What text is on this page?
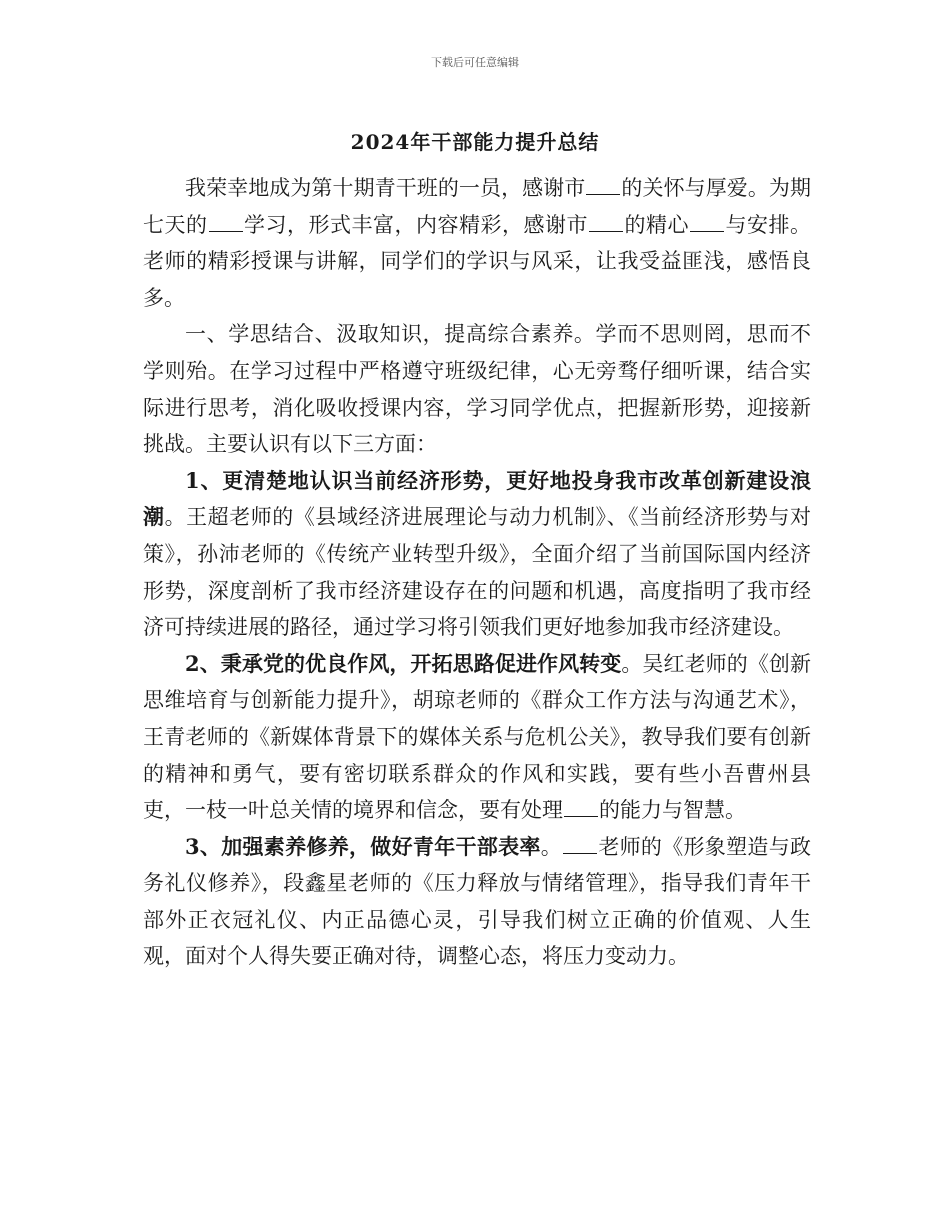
下载后可任意编辑
2024年干部能力提升总结

我荣幸地成为第十期青干班的一员，感谢市 的关怀与厚爱。为期七天的 学习，形式丰富，内容精彩，感谢市 的精心 与安排。老师的精彩授课与讲解，同学们的学识与风采，让我受益匪浅，感悟良多。

一、学思结合、汲取知识，提高综合素养。学而不思则罔，思而不学则殆。在学习过程中严格遵守班级纪律，心无旁骛仔细听课，结合实际进行思考，消化吸收授课内容，学习同学优点，把握新形势，迎接新挑战。主要认识有以下三方面：

1、更清楚地认识当前经济形势，更好地投身我市改革创新建设浪潮。王超老师的《县域经济进展理论与动力机制》、《当前经济形势与对策》，孙沛老师的《传统产业转型升级》，全面介绍了当前国际国内经济形势，深度剖析了我市经济建设存在的问题和机遇，高度指明了我市经济可持续进展的路径，通过学习将引领我们更好地参加我市经济建设。

2、秉承党的优良作风，开拓思路促进作风转变。吴红老师的《创新思维培育与创新能力提升》，胡琼老师的《群众工作方法与沟通艺术》，王青老师的《新媒体背景下的媒体关系与危机公关》，教导我们要有创新的精神和勇气，要有密切联系群众的作风和实践，要有些小吾曹州县吏，一枝一叶总关情的境界和信念，要有处理 的能力与智慧。

3、加强素养修养，做好青年干部表率。 老师的《形象塑造与政务礼仪修养》，段鑫星老师的《压力释放与情绪管理》，指导我们青年干部外正衣冠礼仪、内正品德心灵，引导我们树立正确的价值观、人生观，面对个人得失要正确对待，调整心态，将压力变动力。
